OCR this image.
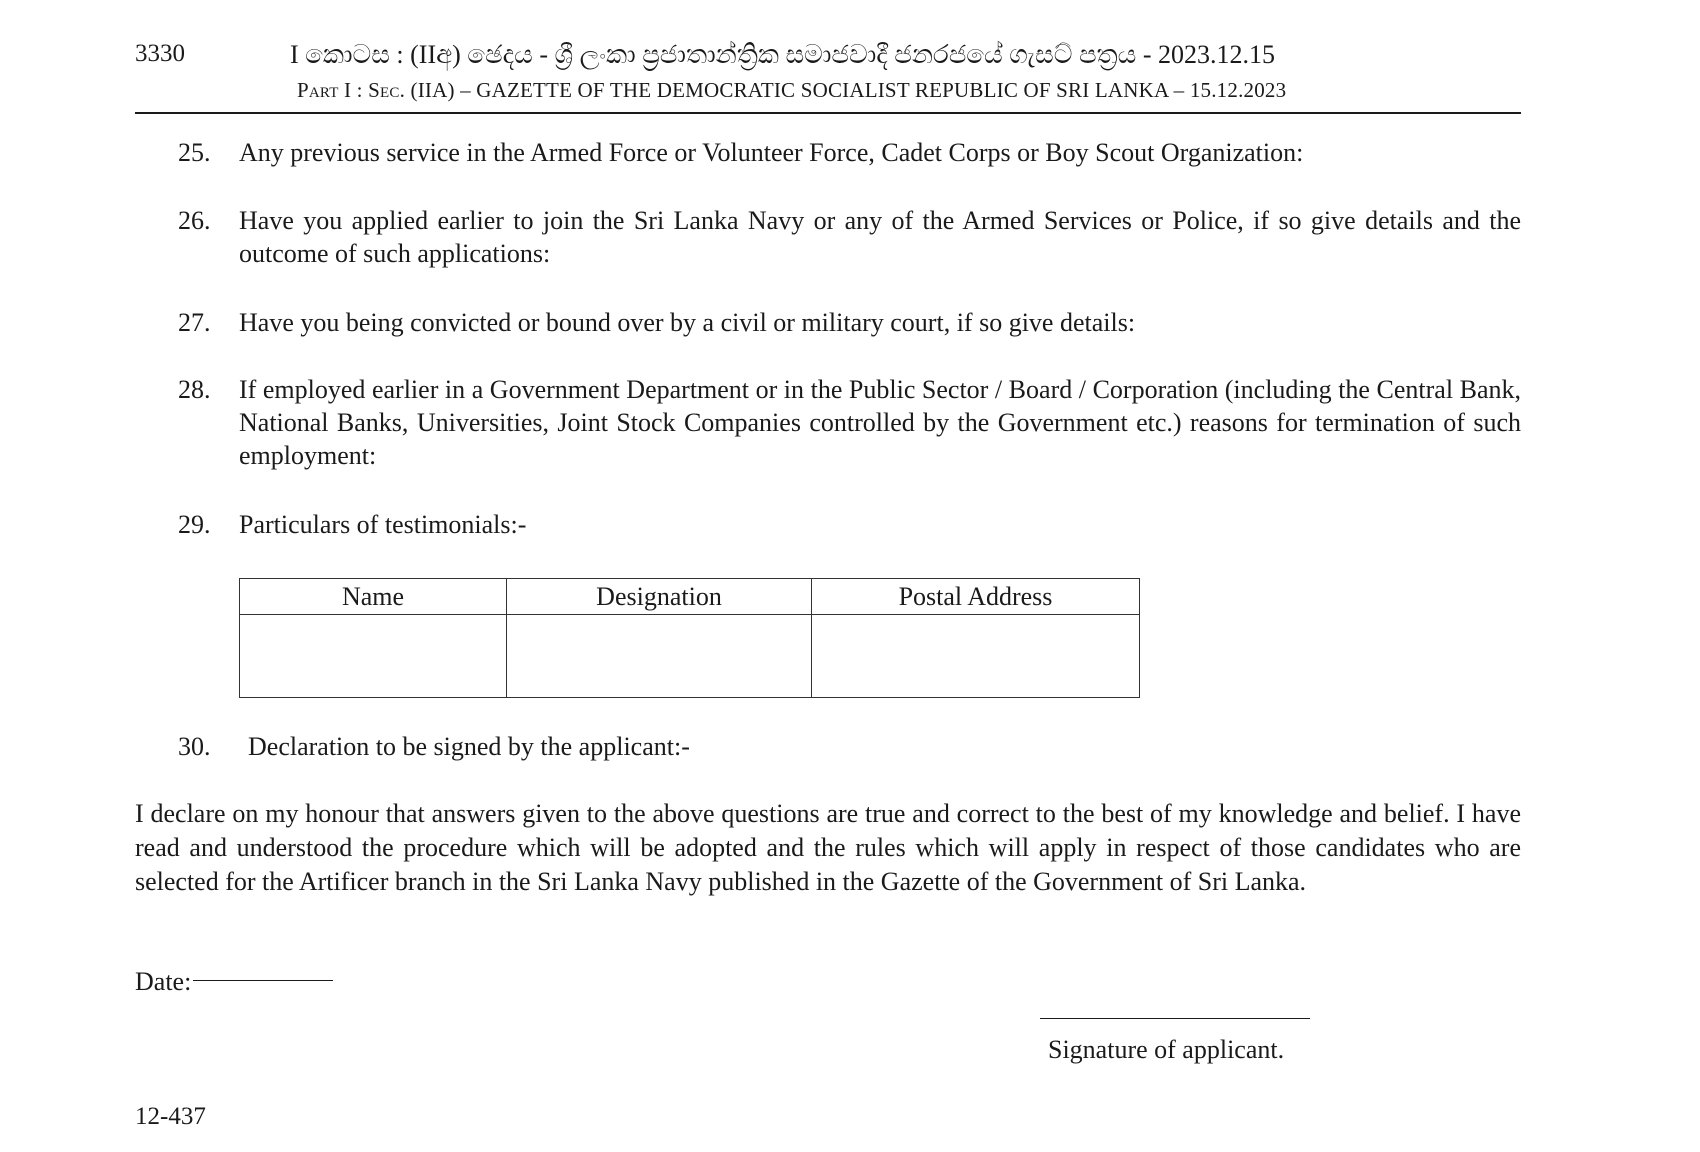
3330	I කොටස : (IIඅ) ඡෙදය - ශ්‍රී ලංකා ප්‍රජාතාන්ත්‍රික සමාජවාදී ජනරජයේ ගැසට් පත්‍රය - 2023.12.15
Part I : Sec. (IIA) – GAZETTE OF THE DEMOCRATIC SOCIALIST REPUBLIC OF SRI LANKA – 15.12.2023
25.	Any previous service in the Armed Force or Volunteer Force, Cadet Corps or Boy Scout Organization:
26.	Have you applied earlier to join the Sri Lanka Navy or any of the Armed Services or Police, if so give details and the outcome of such applications:
27.	Have you being convicted or bound over by a civil or military court, if so give details:
28.	If employed earlier in a Government Department or in the Public Sector / Board / Corporation (including the Central Bank, National Banks, Universities, Joint Stock Companies controlled by the Government etc.) reasons for termination of such employment:
29.	Particulars of testimonials:-
Name	Designation	Postal Address

30.	Declaration to be signed by the applicant:-
I declare on my honour that answers given to the above questions are true and correct to the best of my knowledge and belief. I have read and understood the procedure which will be adopted and the rules which will apply in respect of those candidates who are selected for the Artificer branch in the Sri Lanka Navy published in the Gazette of the Government of Sri Lanka.
Date:
Signature of applicant.
12-437
